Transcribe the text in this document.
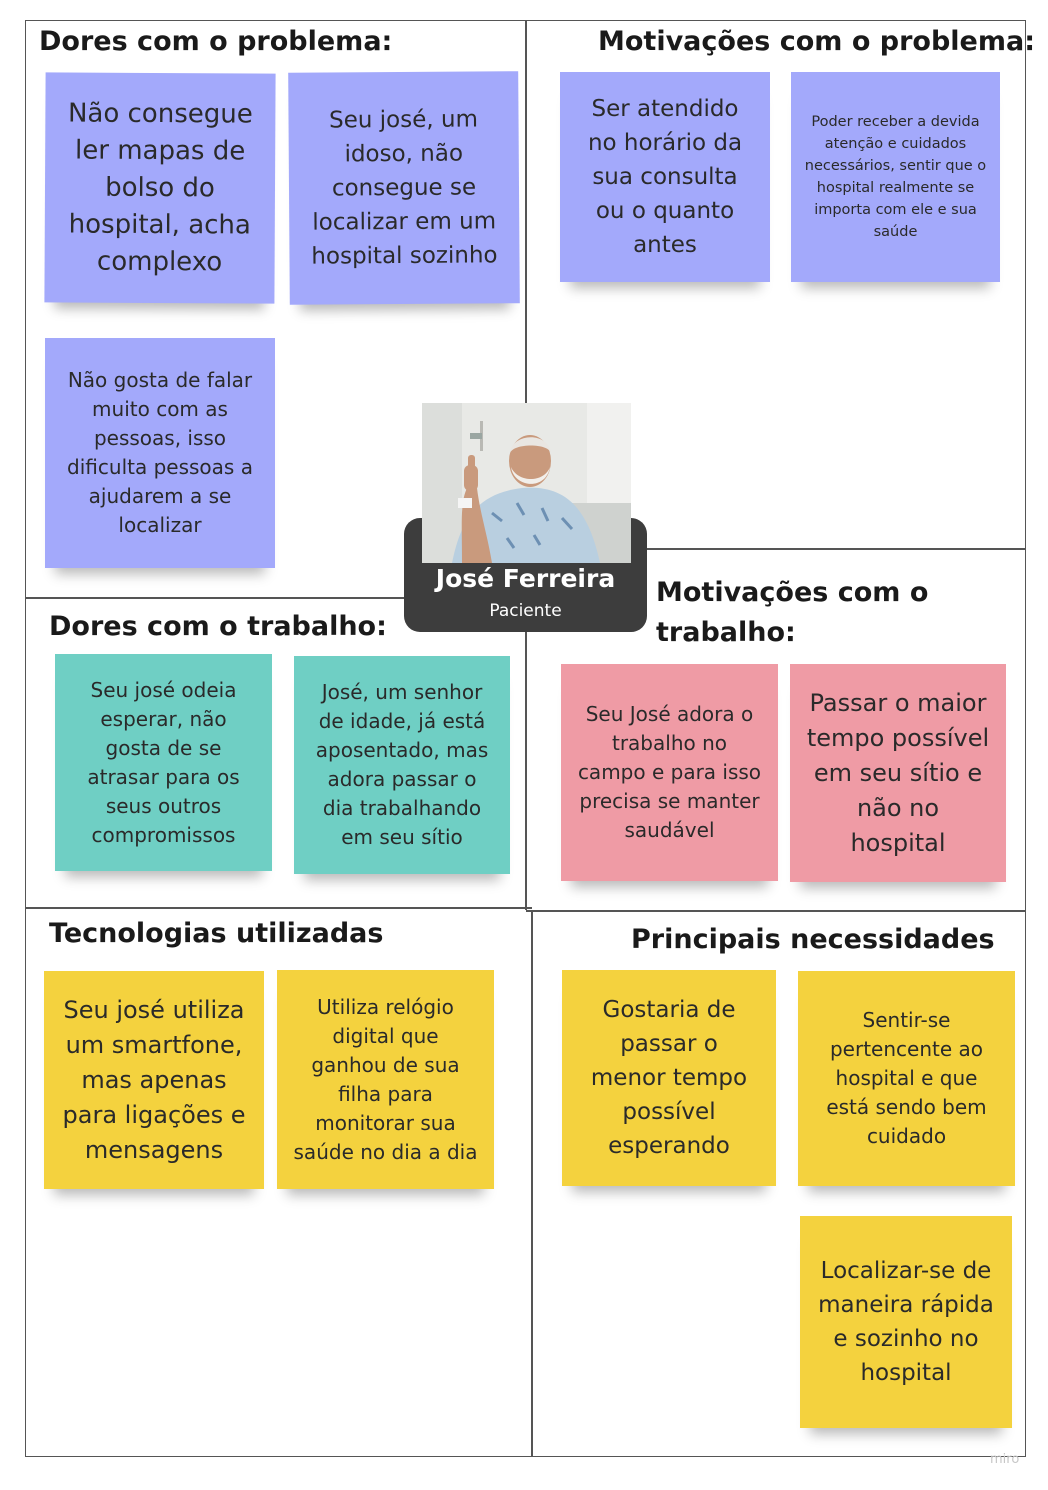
Dores com o problema:
Não consegue ler mapas de bolso do hospital, acha complexo
Seu josé, um idoso, não consegue se localizar em um hospital sozinho
Não gosta de falar muito com as pessoas, isso dificulta pessoas a ajudarem a se localizar
Motivações com o problema:
Ser atendido no horário da sua consulta ou o quanto antes
Poder receber a devida atenção e cuidados necessários, sentir que o hospital realmente se importa com ele e sua saúde
José Ferreira
Paciente
Dores com o trabalho:
Seu josé odeia esperar, não gosta de se atrasar para os seus outros compromissos
José, um senhor de idade, já está aposentado, mas adora passar o dia trabalhando em seu sítio
Motivações com o trabalho:
Seu José adora o trabalho no campo e para isso precisa se manter saudável
Passar o maior tempo possível em seu sítio e não no hospital
Tecnologias utilizadas
Seu josé utiliza um smartfone, mas apenas para ligações e mensagens
Utiliza relógio digital que ganhou de sua filha para monitorar sua saúde no dia a dia
Principais necessidades
Gostaria de passar o menor tempo possível esperando
Sentir-se pertencente ao hospital e que está sendo bem cuidado
Localizar-se de maneira rápida e sozinho no hospital
miro
